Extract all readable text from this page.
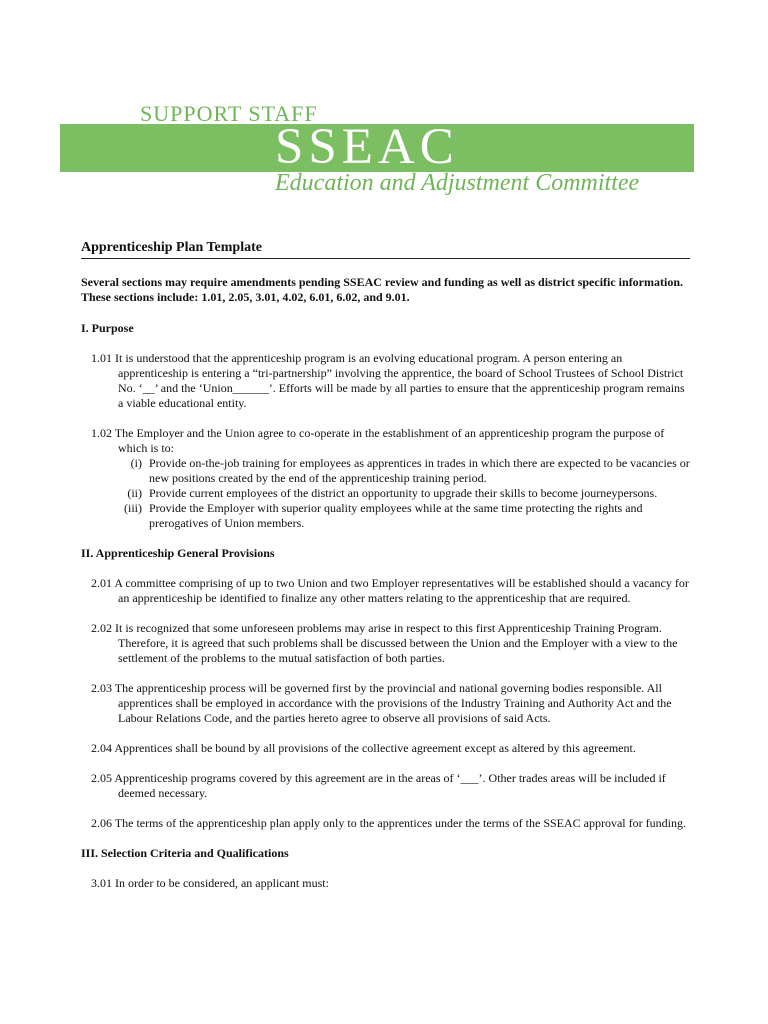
SUPPORT STAFF
SSEAC
Education and Adjustment Committee
Apprenticeship Plan Template
Several sections may require amendments pending SSEAC review and funding as well as district specific information. These sections include: 1.01, 2.05, 3.01, 4.02, 6.01, 6.02, and 9.01.
I. Purpose
1.01 It is understood that the apprenticeship program is an evolving educational program. A person entering an apprenticeship is entering a “tri-partnership” involving the apprentice, the board of School Trustees of School District No. ‘__’ and the ‘Union______’. Efforts will be made by all parties to ensure that the apprenticeship program remains a viable educational entity.
1.02 The Employer and the Union agree to co-operate in the establishment of an apprenticeship program the purpose of which is to:
(i) Provide on-the-job training for employees as apprentices in trades in which there are expected to be vacancies or new positions created by the end of the apprenticeship training period.
(ii) Provide current employees of the district an opportunity to upgrade their skills to become journeypersons.
(iii) Provide the Employer with superior quality employees while at the same time protecting the rights and prerogatives of Union members.
II. Apprenticeship General Provisions
2.01 A committee comprising of up to two Union and two Employer representatives will be established should a vacancy for an apprenticeship be identified to finalize any other matters relating to the apprenticeship that are required.
2.02 It is recognized that some unforeseen problems may arise in respect to this first Apprenticeship Training Program. Therefore, it is agreed that such problems shall be discussed between the Union and the Employer with a view to the settlement of the problems to the mutual satisfaction of both parties.
2.03 The apprenticeship process will be governed first by the provincial and national governing bodies responsible. All apprentices shall be employed in accordance with the provisions of the Industry Training and Authority Act and the Labour Relations Code, and the parties hereto agree to observe all provisions of said Acts.
2.04 Apprentices shall be bound by all provisions of the collective agreement except as altered by this agreement.
2.05 Apprenticeship programs covered by this agreement are in the areas of ‘___’. Other trades areas will be included if deemed necessary.
2.06 The terms of the apprenticeship plan apply only to the apprentices under the terms of the SSEAC approval for funding.
III. Selection Criteria and Qualifications
3.01 In order to be considered, an applicant must:
